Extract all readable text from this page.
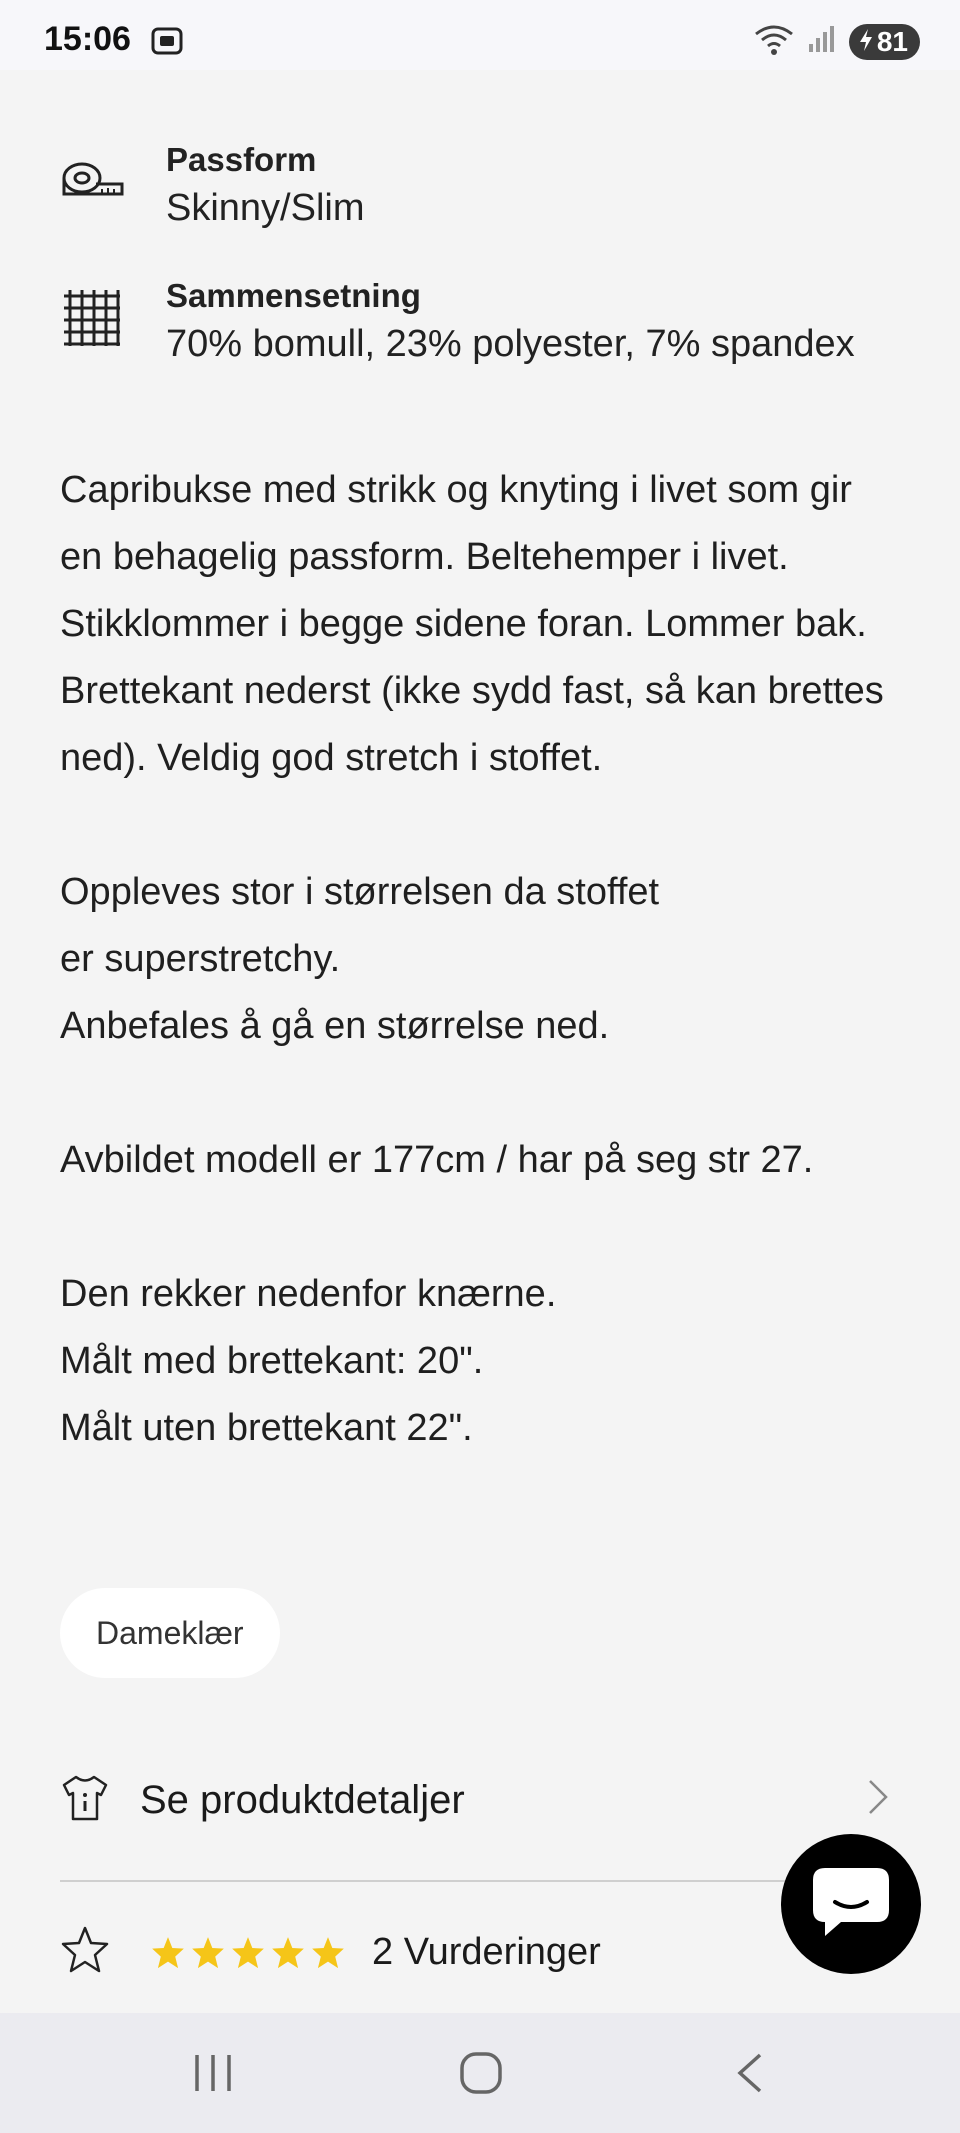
15:06	81
Passform
Skinny/Slim
Sammensetning
70% bomull, 23% polyester, 7% spandex
Capribukse med strikk og knyting i livet som gir en behagelig passform. Beltehemper i livet. Stikklommer i begge sidene foran. Lommer bak. Brettekant nederst (ikke sydd fast, så kan brettes ned). Veldig god stretch i stoffet.

Oppleves stor i størrelsen da stoffet
er superstretchy.
Anbefales å gå en størrelse ned.

Avbildet modell er 177cm / har på seg str 27.

Den rekker nedenfor knærne.
Målt med brettekant: 20".
Målt uten brettekant 22".
Dameklær
Se produktdetaljer
2 Vurderinger
